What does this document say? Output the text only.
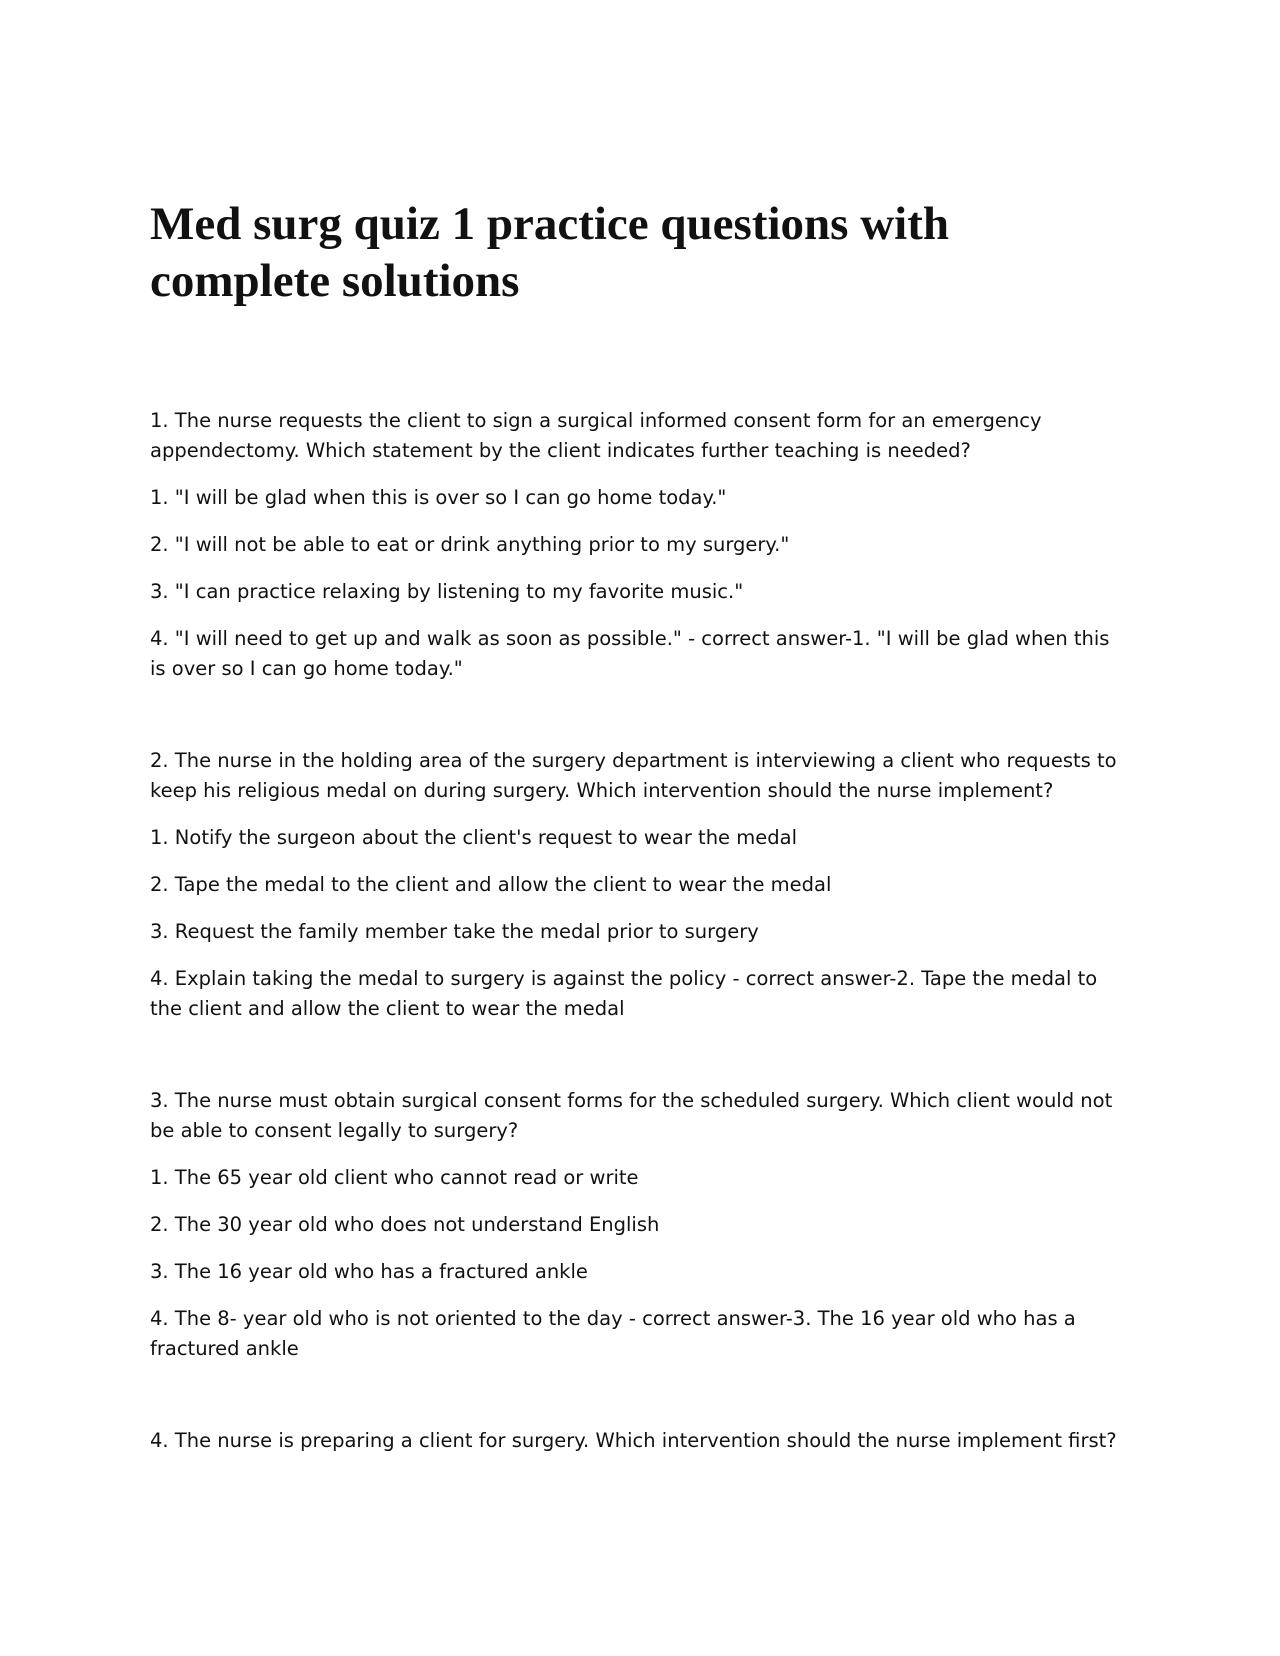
Med surg quiz 1 practice questions with complete solutions

1. The nurse requests the client to sign a surgical informed consent form for an emergency appendectomy. Which statement by the client indicates further teaching is needed?

1. "I will be glad when this is over so I can go home today."

2. "I will not be able to eat or drink anything prior to my surgery."

3. "I can practice relaxing by listening to my favorite music."

4. "I will need to get up and walk as soon as possible." - correct answer-1. "I will be glad when this is over so I can go home today."

2. The nurse in the holding area of the surgery department is interviewing a client who requests to keep his religious medal on during surgery. Which intervention should the nurse implement?

1. Notify the surgeon about the client's request to wear the medal

2. Tape the medal to the client and allow the client to wear the medal

3. Request the family member take the medal prior to surgery

4. Explain taking the medal to surgery is against the policy - correct answer-2. Tape the medal to the client and allow the client to wear the medal

3. The nurse must obtain surgical consent forms for the scheduled surgery. Which client would not be able to consent legally to surgery?

1. The 65 year old client who cannot read or write

2. The 30 year old who does not understand English

3. The 16 year old who has a fractured ankle

4. The 8- year old who is not oriented to the day - correct answer-3. The 16 year old who has a fractured ankle

4. The nurse is preparing a client for surgery. Which intervention should the nurse implement first?
